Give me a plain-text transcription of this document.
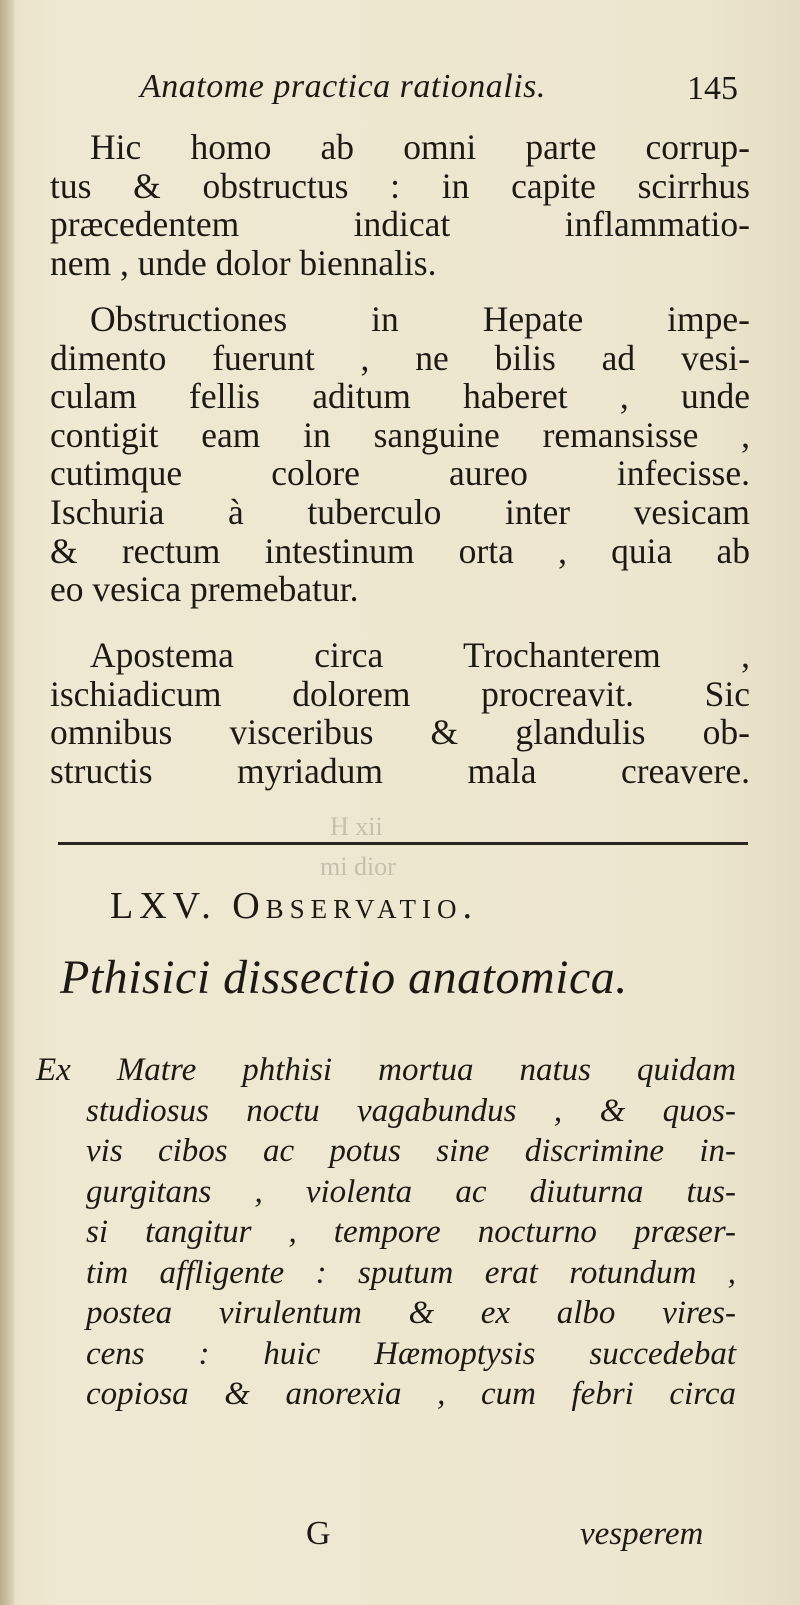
Anatome practica rationalis.	145
Hic homo ab omni parte corrup-
tus & obstructus : in capite scirrhus
præcedentem indicat inflammatio-
nem , unde dolor biennalis.
Obstructiones in Hepate impe-
dimento fuerunt , ne bilis ad vesi-
culam fellis aditum haberet , unde
contigit eam in sanguine remansisse ,
cutimque colore aureo infecisse.
Ischuria à tuberculo inter vesicam
& rectum intestinum orta , quia ab
eo vesica premebatur.
Apostema circa Trochanterem ,
ischiadicum dolorem procreavit. Sic
omnibus visceribus & glandulis ob-
structis myriadum mala creavere.
H xii
mi dior
LXV. Observatio.
Pthisici dissectio anatomica.
Ex Matre phthisi mortua natus quidam
studiosus noctu vagabundus , & quos-
vis cibos ac potus sine discrimine in-
gurgitans , violenta ac diuturna tus-
si tangitur , tempore nocturno præser-
tim affligente : sputum erat rotundum ,
postea virulentum & ex albo vires-
cens : huic Hæmoptysis succedebat
copiosa & anorexia , cum febri circa
G	vesperem
